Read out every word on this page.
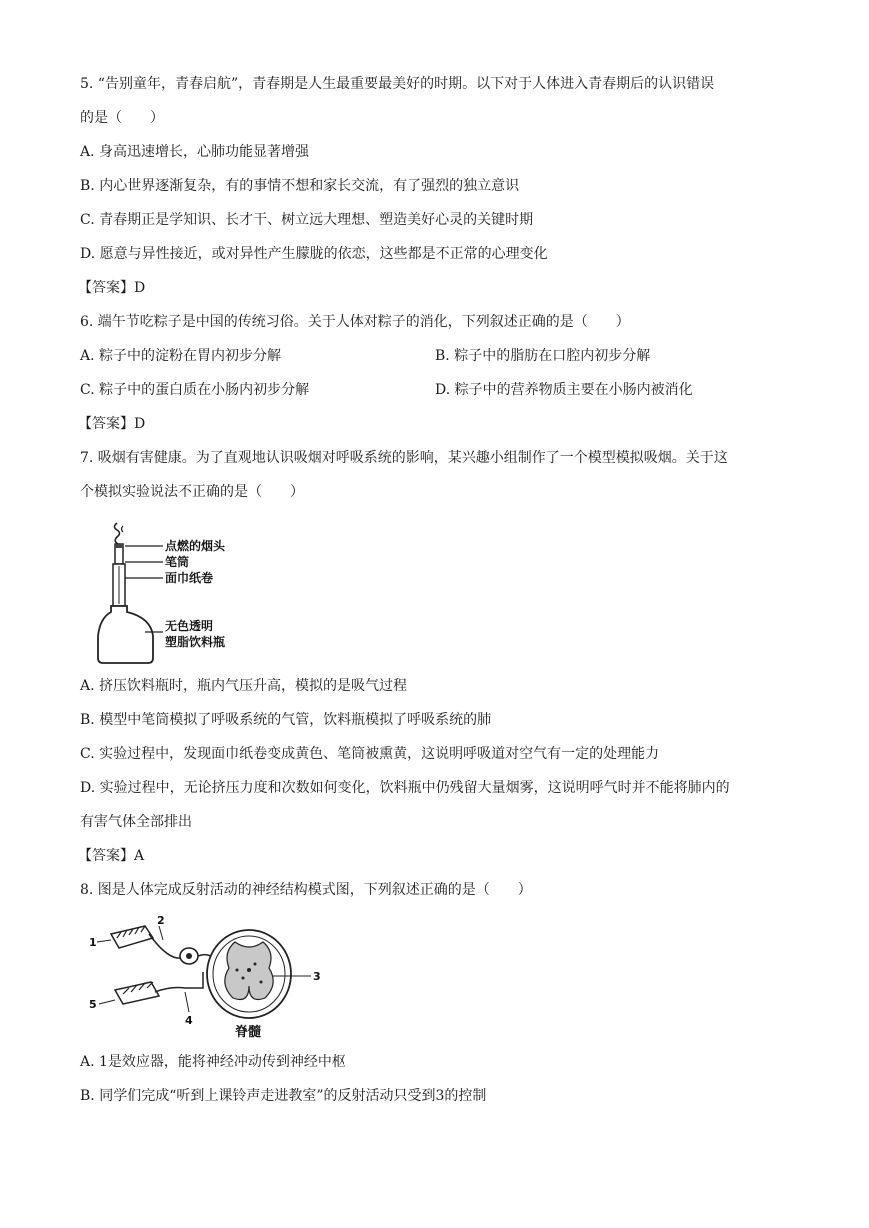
5. “告别童年，青春启航”，青春期是人生最重要最美好的时期。以下对于人体进入青春期后的认识错误
的是（　　）
A. 身高迅速增长，心肺功能显著增强
B. 内心世界逐渐复杂，有的事情不想和家长交流，有了强烈的独立意识
C. 青春期正是学知识、长才干、树立远大理想、塑造美好心灵的关键时期
D. 愿意与异性接近，或对异性产生朦胧的依恋，这些都是不正常的心理变化
【答案】D
6. 端午节吃粽子是中国的传统习俗。关于人体对粽子的消化，下列叙述正确的是（　　）
A. 粽子中的淀粉在胃内初步分解	B. 粽子中的脂肪在口腔内初步分解
C. 粽子中的蛋白质在小肠内初步分解	D. 粽子中的营养物质主要在小肠内被消化
【答案】D
7. 吸烟有害健康。为了直观地认识吸烟对呼吸系统的影响，某兴趣小组制作了一个模型模拟吸烟。关于这
个模拟实验说法不正确的是（　　）
点燃的烟头
笔筒
面巾纸卷
无色透明
塑脂饮料瓶
A. 挤压饮料瓶时，瓶内气压升高，模拟的是吸气过程
B. 模型中笔筒模拟了呼吸系统的气管，饮料瓶模拟了呼吸系统的肺
C. 实验过程中，发现面巾纸卷变成黄色、笔筒被熏黄，这说明呼吸道对空气有一定的处理能力
D. 实验过程中，无论挤压力度和次数如何变化，饮料瓶中仍残留大量烟雾，这说明呼气时并不能将肺内的
有害气体全部排出
【答案】A
8. 图是人体完成反射活动的神经结构模式图，下列叙述正确的是（　　）
1
2
3
4
5
脊髓
A. 1是效应器，能将神经冲动传到神经中枢
B. 同学们完成“听到上课铃声走进教室”的反射活动只受到3的控制
